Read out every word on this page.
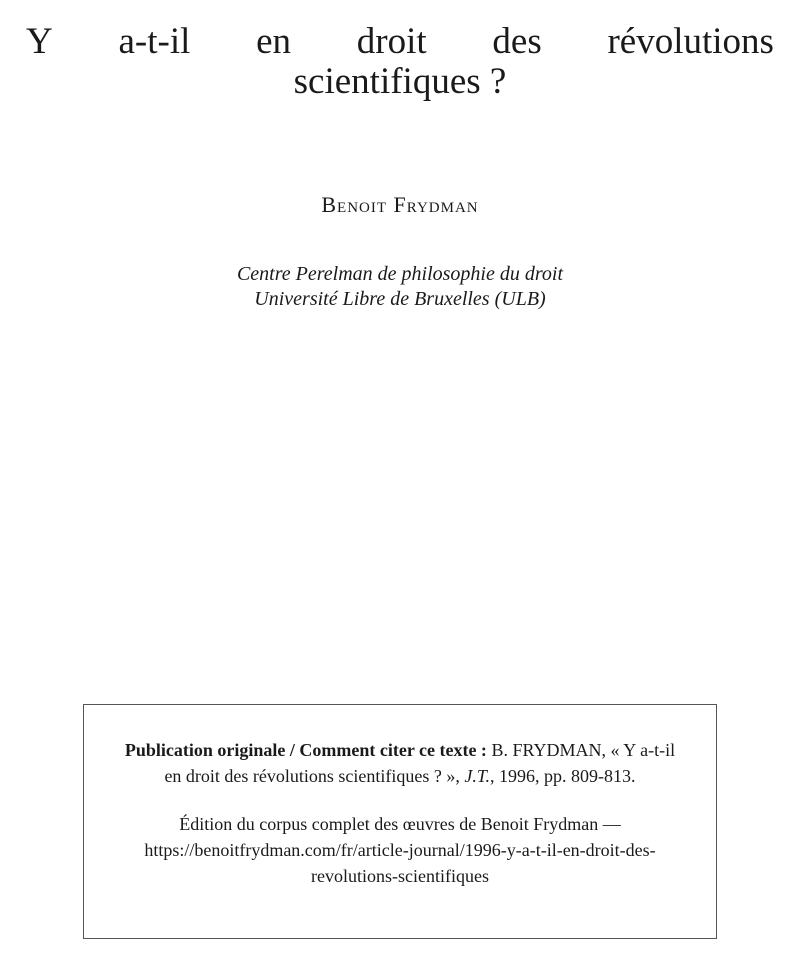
Y a-t-il en droit des révolutions
scientifiques ?
Benoit Frydman
Centre Perelman de philosophie du droit
Université Libre de Bruxelles (ULB)

Publication originale / Comment citer ce texte : B. FRYDMAN, « Y a-t-il en droit des révolutions scientifiques ? », J.T., 1996, pp. 809-813.

Édition du corpus complet des œuvres de Benoit Frydman — https://benoitfrydman.com/fr/article-journal/1996-y-a-t-il-en-droit-des-revolutions-scientifiques
